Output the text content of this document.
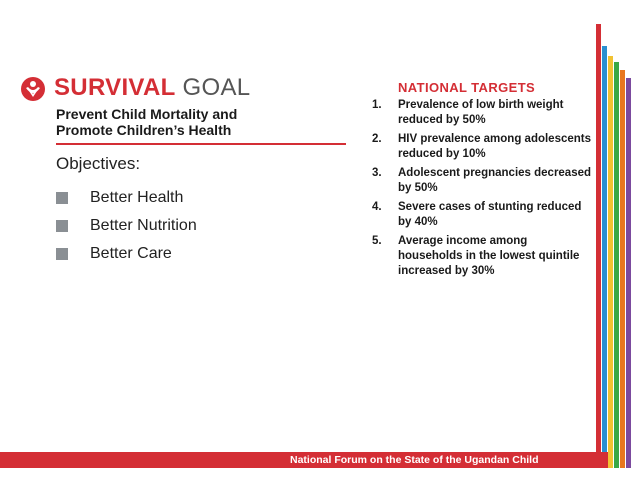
SURVIVAL GOAL
Prevent Child Mortality and
Promote Children’s Health
Objectives:
Better Health
Better Nutrition
Better Care
NATIONAL TARGETS
1.	Prevalence of low birth weight reduced by 50%
2.	HIV prevalence among adolescents reduced by 10%
3.	Adolescent pregnancies decreased by 50%
4.	Severe cases of stunting reduced by 40%
5.	Average income among households in the lowest quintile increased by 30%
National Forum on the State of the Ugandan Child
